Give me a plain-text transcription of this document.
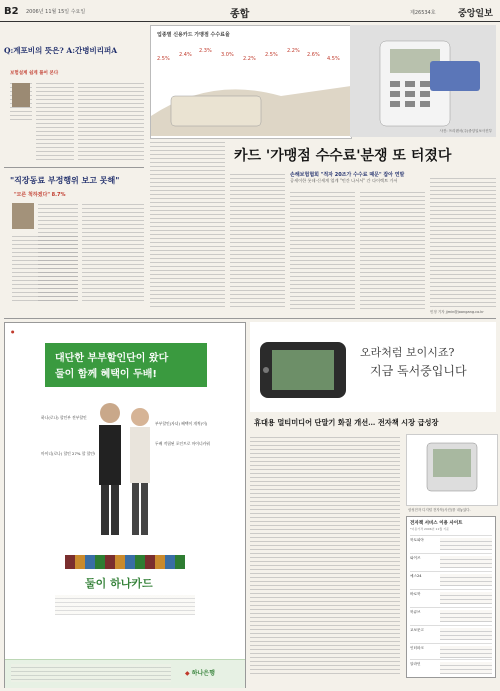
B2 2006년 11월 15일 수요일	종합	제26534호 중앙일보
Q:계포비의 뜻은? A:간병비리퍼A
보험설계 쉽게 풀어 본다
"직장동료 부정행위 보고 못해"
"모른 척하겠다" 8.7%
업종별 신용카드 가맹점 수수료율
2.5%
2.4%
2.3%
3.0%
2.2%
2.5%
2.2%
2.6%
4.5%
사진: 프리랜서(주)중앙일보사진부
카드 '가맹점 수수료'분쟁 또 터졌다
손해보험협회 "적자 20조가 수수료 때문" 잡아 연말
공세이한 롯데·신세계 업계 "민간 나서서" 간 다이렉트 가서
민정 기자 jjmin@joongang.co.kr
●
대단한 부부할인단이 왔다
둘이 함께 혜택이 두배!
하나(로나) 할인부 전부할인
부부할인(자녀) 혜택이 개씩(이)
두배 적립된 포인트로 마이너카워
마이너(로나) 할인 27% 할 할인!
둘이 하나카드
◆ 하나은행
오라처럼 보이시죠?
지금 독서중입니다
휴대용 멀티미디어 단말기 화질 개선… 전자책 시장 급성장
삼성전자 디지털 전자북(사진)를 내놓았다.
전자책 서비스 이용 사이트
*이용가격 2006년 11월 기준
북토피아
와이즈
예스24
바로북
북큐브
교보문고
인터파크
알라딘
